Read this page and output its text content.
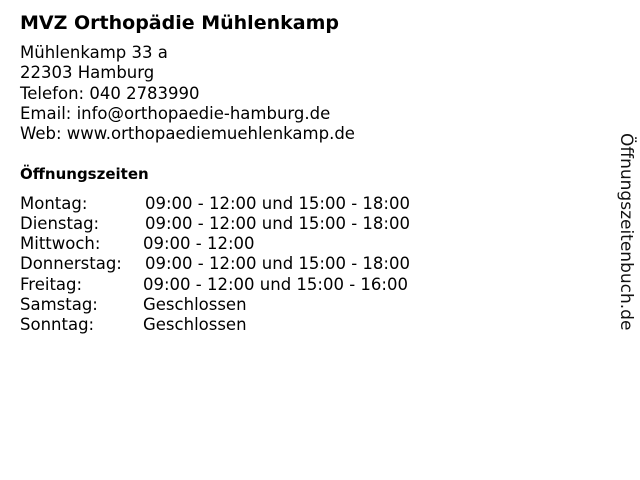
MVZ Orthopädie Mühlenkamp
Mühlenkamp 33 a
22303 Hamburg
Telefon: 040 2783990
Email: info@orthopaedie-hamburg.de
Web: www.orthopaediemuehlenkamp.de
Öffnungszeiten
Montag:	09:00 - 12:00 und 15:00 - 18:00
Dienstag:	09:00 - 12:00 und 15:00 - 18:00
Mittwoch:	09:00 - 12:00
Donnerstag: 09:00 - 12:00 und 15:00 - 18:00
Freitag:	09:00 - 12:00 und 15:00 - 16:00
Samstag:	Geschlossen
Sonntag:	Geschlossen	Öffnungszeitenbuch.de
